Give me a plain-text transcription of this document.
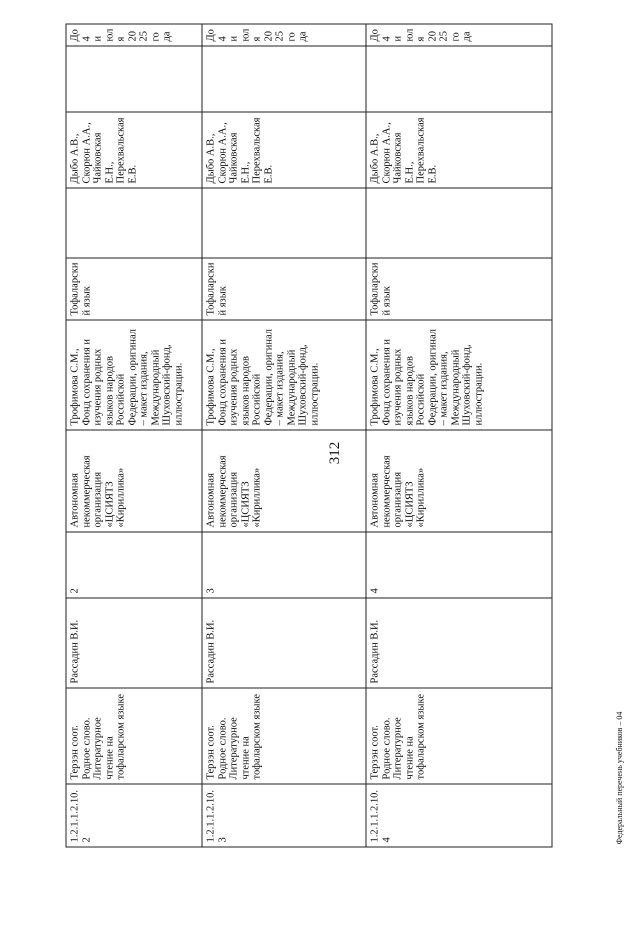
312
1.2.1.1.2.10.2	Терзэн соот. Родное слово. Литературное чтение на тофаларском языке	Рассадин В.И.	2	Автономная некоммерческая организация «ЦСИЯТЗ «Кириллика»	Трофимова С.М., Фонд сохранения и изучения родных языков народов Российской Федерации, оригинал – макет издания, Международный Шуховский-фонд, иллюстрации.	Тофаларский язык		Дыбо А.В., Скорюн А.А., Чайковская Е.Н., Перехвальская Е.В.		До 4 июля 2025 года
1.2.1.1.2.10.3	Терзэн соот. Родное слово. Литературное чтение на тофаларском языке	Рассадин В.И.	3	Автономная некоммерческая организация «ЦСИЯТЗ «Кириллика»	Трофимова С.М., Фонд сохранения и изучения родных языков народов Российской Федерации, оригинал – макет издания, Международный Шуховский-фонд, иллюстрации.	Тофаларский язык		Дыбо А.В., Скорюн А.А., Чайковская Е.Н., Перехвальская Е.В.		До 4 июля 2025 года
1.2.1.1.2.10.4	Терзэн соот. Родное слово. Литературное чтение на тофаларском языке	Рассадин В.И.	4	Автономная некоммерческая организация «ЦСИЯТЗ «Кириллика»	Трофимова С.М., Фонд сохранения и изучения родных языков народов Российской Федерации, оригинал – макет издания, Международный Шуховский-фонд, иллюстрации.	Тофаларский язык		Дыбо А.В., Скорюн А.А., Чайковская Е.Н., Перехвальская Е.В.		До 4 июля 2025 года
Федеральный перечень учебников – 04
